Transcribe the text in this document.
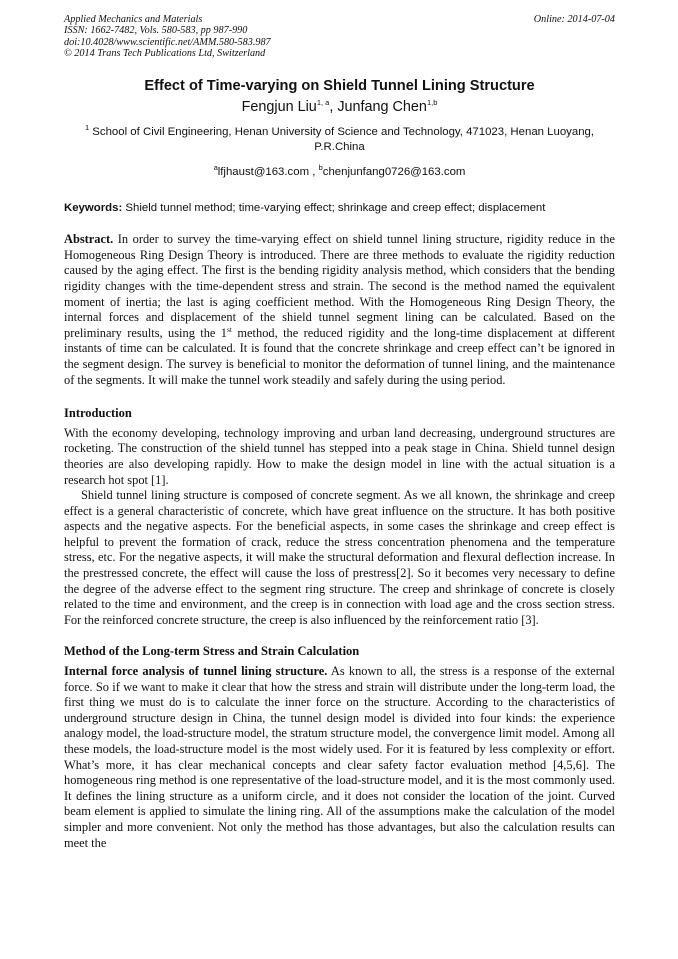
Applied Mechanics and Materials
ISSN: 1662-7482, Vols. 580-583, pp 987-990
doi:10.4028/www.scientific.net/AMM.580-583.987
© 2014 Trans Tech Publications Ltd, Switzerland
Online: 2014-07-04
Effect of Time-varying on Shield Tunnel Lining Structure
Fengjun Liu$^{1, a}$, Junfang Chen$^{1,b}$
$^1$ School of Civil Engineering, Henan University of Science and Technology, 471023, Henan Luoyang, P.R.China
$^a$lfjhaust@163.com , $^b$chenjunfang0726@163.com
Keywords: Shield tunnel method; time-varying effect; shrinkage and creep effect; displacement

Abstract. In order to survey the time-varying effect on shield tunnel lining structure, rigidity reduce in the Homogeneous Ring Design Theory is introduced. There are three methods to evaluate the rigidity reduction caused by the aging effect. The first is the bending rigidity analysis method, which considers that the bending rigidity changes with the time-dependent stress and strain. The second is the method named the equivalent moment of inertia; the last is aging coefficient method. With the Homogeneous Ring Design Theory, the internal forces and displacement of the shield tunnel segment lining can be calculated. Based on the preliminary results, using the 1st method, the reduced rigidity and the long-time displacement at different instants of time can be calculated. It is found that the concrete shrinkage and creep effect can’t be ignored in the segment design. The survey is beneficial to monitor the deformation of tunnel lining, and the maintenance of the segments. It will make the tunnel work steadily and safely during the using period.

Introduction

With the economy developing, technology improving and urban land decreasing, underground structures are rocketing. The construction of the shield tunnel has stepped into a peak stage in China. Shield tunnel design theories are also developing rapidly. How to make the design model in line with the actual situation is a research hot spot [1].

Shield tunnel lining structure is composed of concrete segment. As we all known, the shrinkage and creep effect is a general characteristic of concrete, which have great influence on the structure. It has both positive aspects and the negative aspects. For the beneficial aspects, in some cases the shrinkage and creep effect is helpful to prevent the formation of crack, reduce the stress concentration phenomena and the temperature stress, etc. For the negative aspects, it will make the structural deformation and flexural deflection increase. In the prestressed concrete, the effect will cause the loss of prestress[2]. So it becomes very necessary to define the degree of the adverse effect to the segment ring structure. The creep and shrinkage of concrete is closely related to the time and environment, and the creep is in connection with load age and the cross section stress. For the reinforced concrete structure, the creep is also influenced by the reinforcement ratio [3].

Method of the Long-term Stress and Strain Calculation

Internal force analysis of tunnel lining structure. As known to all, the stress is a response of the external force. So if we want to make it clear that how the stress and strain will distribute under the long-term load, the first thing we must do is to calculate the inner force on the structure. According to the characteristics of underground structure design in China, the tunnel design model is divided into four kinds: the experience analogy model, the load-structure model, the stratum structure model, the convergence limit model. Among all these models, the load-structure model is the most widely used. For it is featured by less complexity or effort. What’s more, it has clear mechanical concepts and clear safety factor evaluation method [4,5,6]. The homogeneous ring method is one representative of the load-structure model, and it is the most commonly used. It defines the lining structure as a uniform circle, and it does not consider the location of the joint. Curved beam element is applied to simulate the lining ring. All of the assumptions make the calculation of the model simpler and more convenient. Not only the method has those advantages, but also the calculation results can meet the
